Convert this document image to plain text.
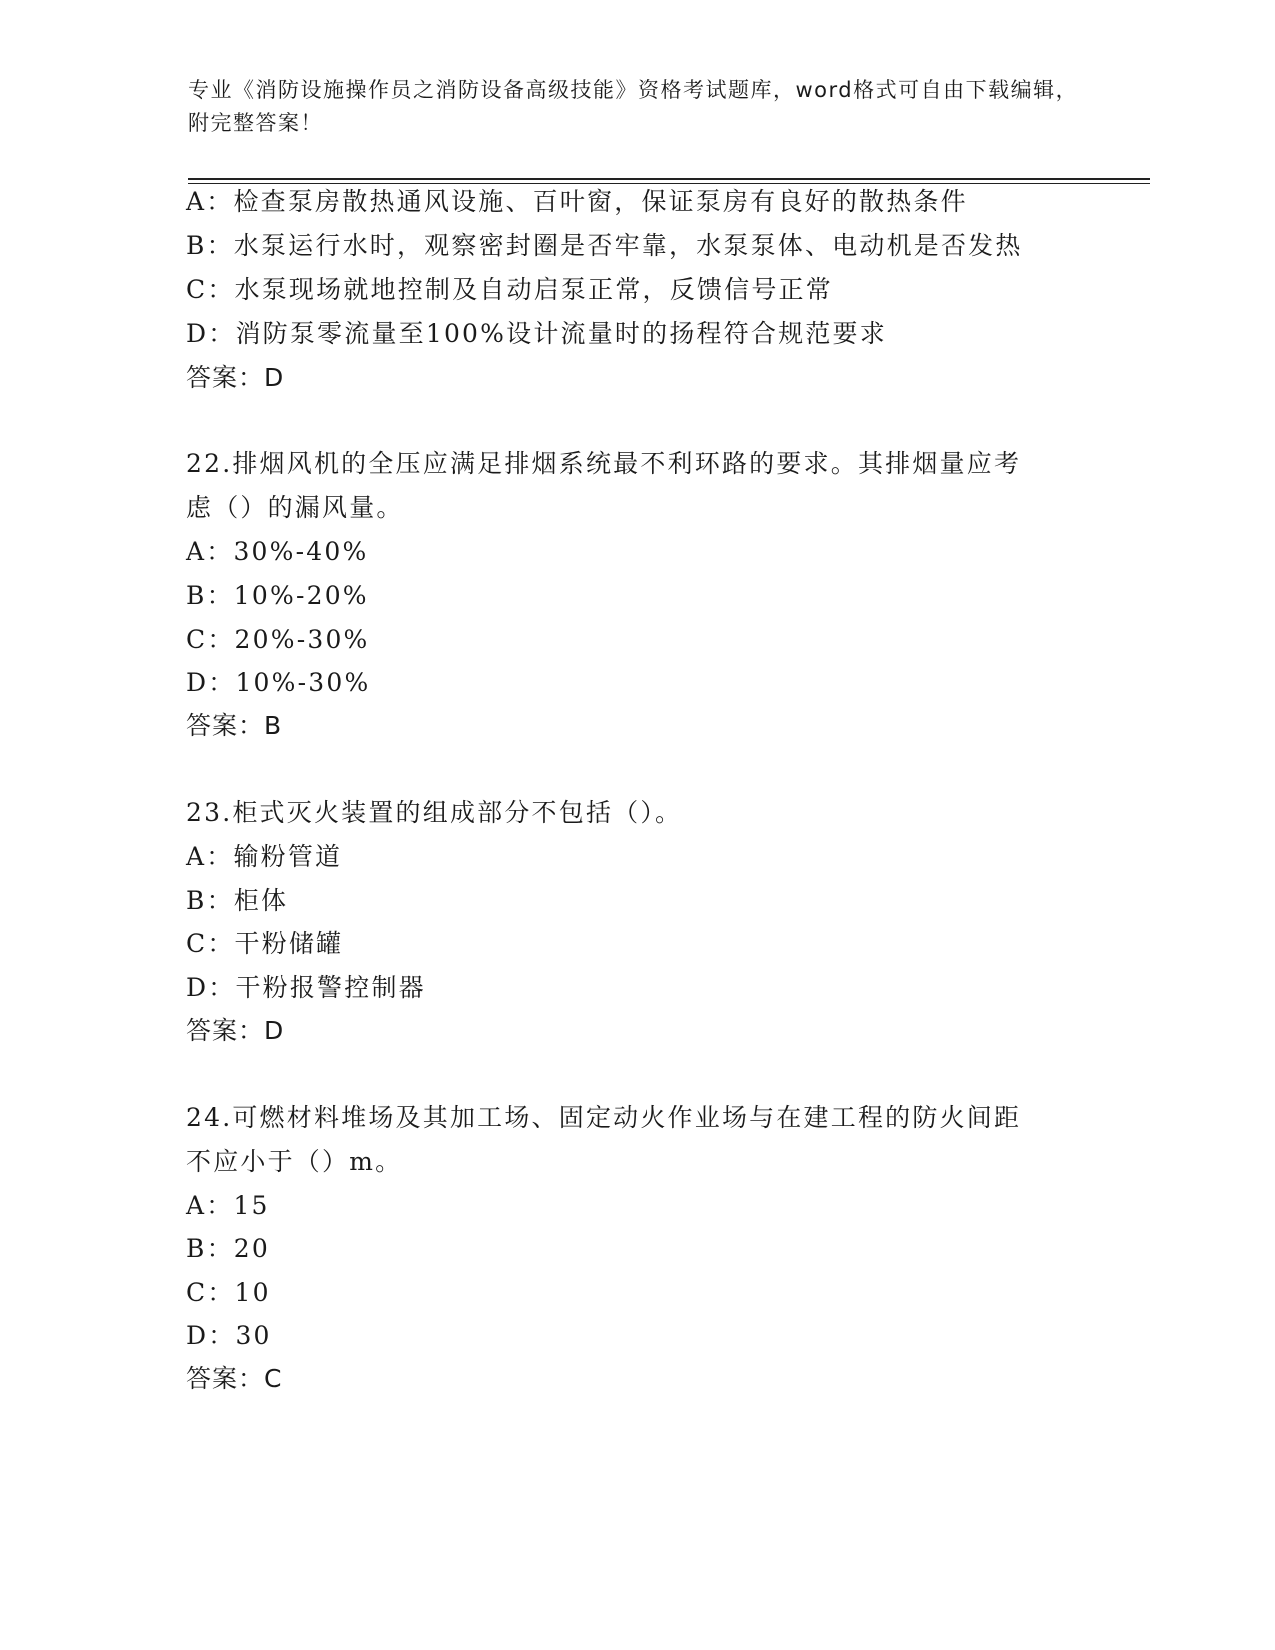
专业《消防设施操作员之消防设备高级技能》资格考试题库，word格式可自由下载编辑，附完整答案！
A：检查泵房散热通风设施、百叶窗，保证泵房有良好的散热条件
B：水泵运行水时，观察密封圈是否牢靠，水泵泵体、电动机是否发热
C：水泵现场就地控制及自动启泵正常，反馈信号正常
D：消防泵零流量至100%设计流量时的扬程符合规范要求
答案：D
22.排烟风机的全压应满足排烟系统最不利环路的要求。其排烟量应考
虑（）的漏风量。
A：30%-40%
B：10%-20%
C：20%-30%
D：10%-30%
答案：B
23.柜式灭火装置的组成部分不包括（）。
A：输粉管道
B：柜体
C：干粉储罐
D：干粉报警控制器
答案：D
24.可燃材料堆场及其加工场、固定动火作业场与在建工程的防火间距
不应小于（）m。
A：15
B：20
C：10
D：30
答案：C
